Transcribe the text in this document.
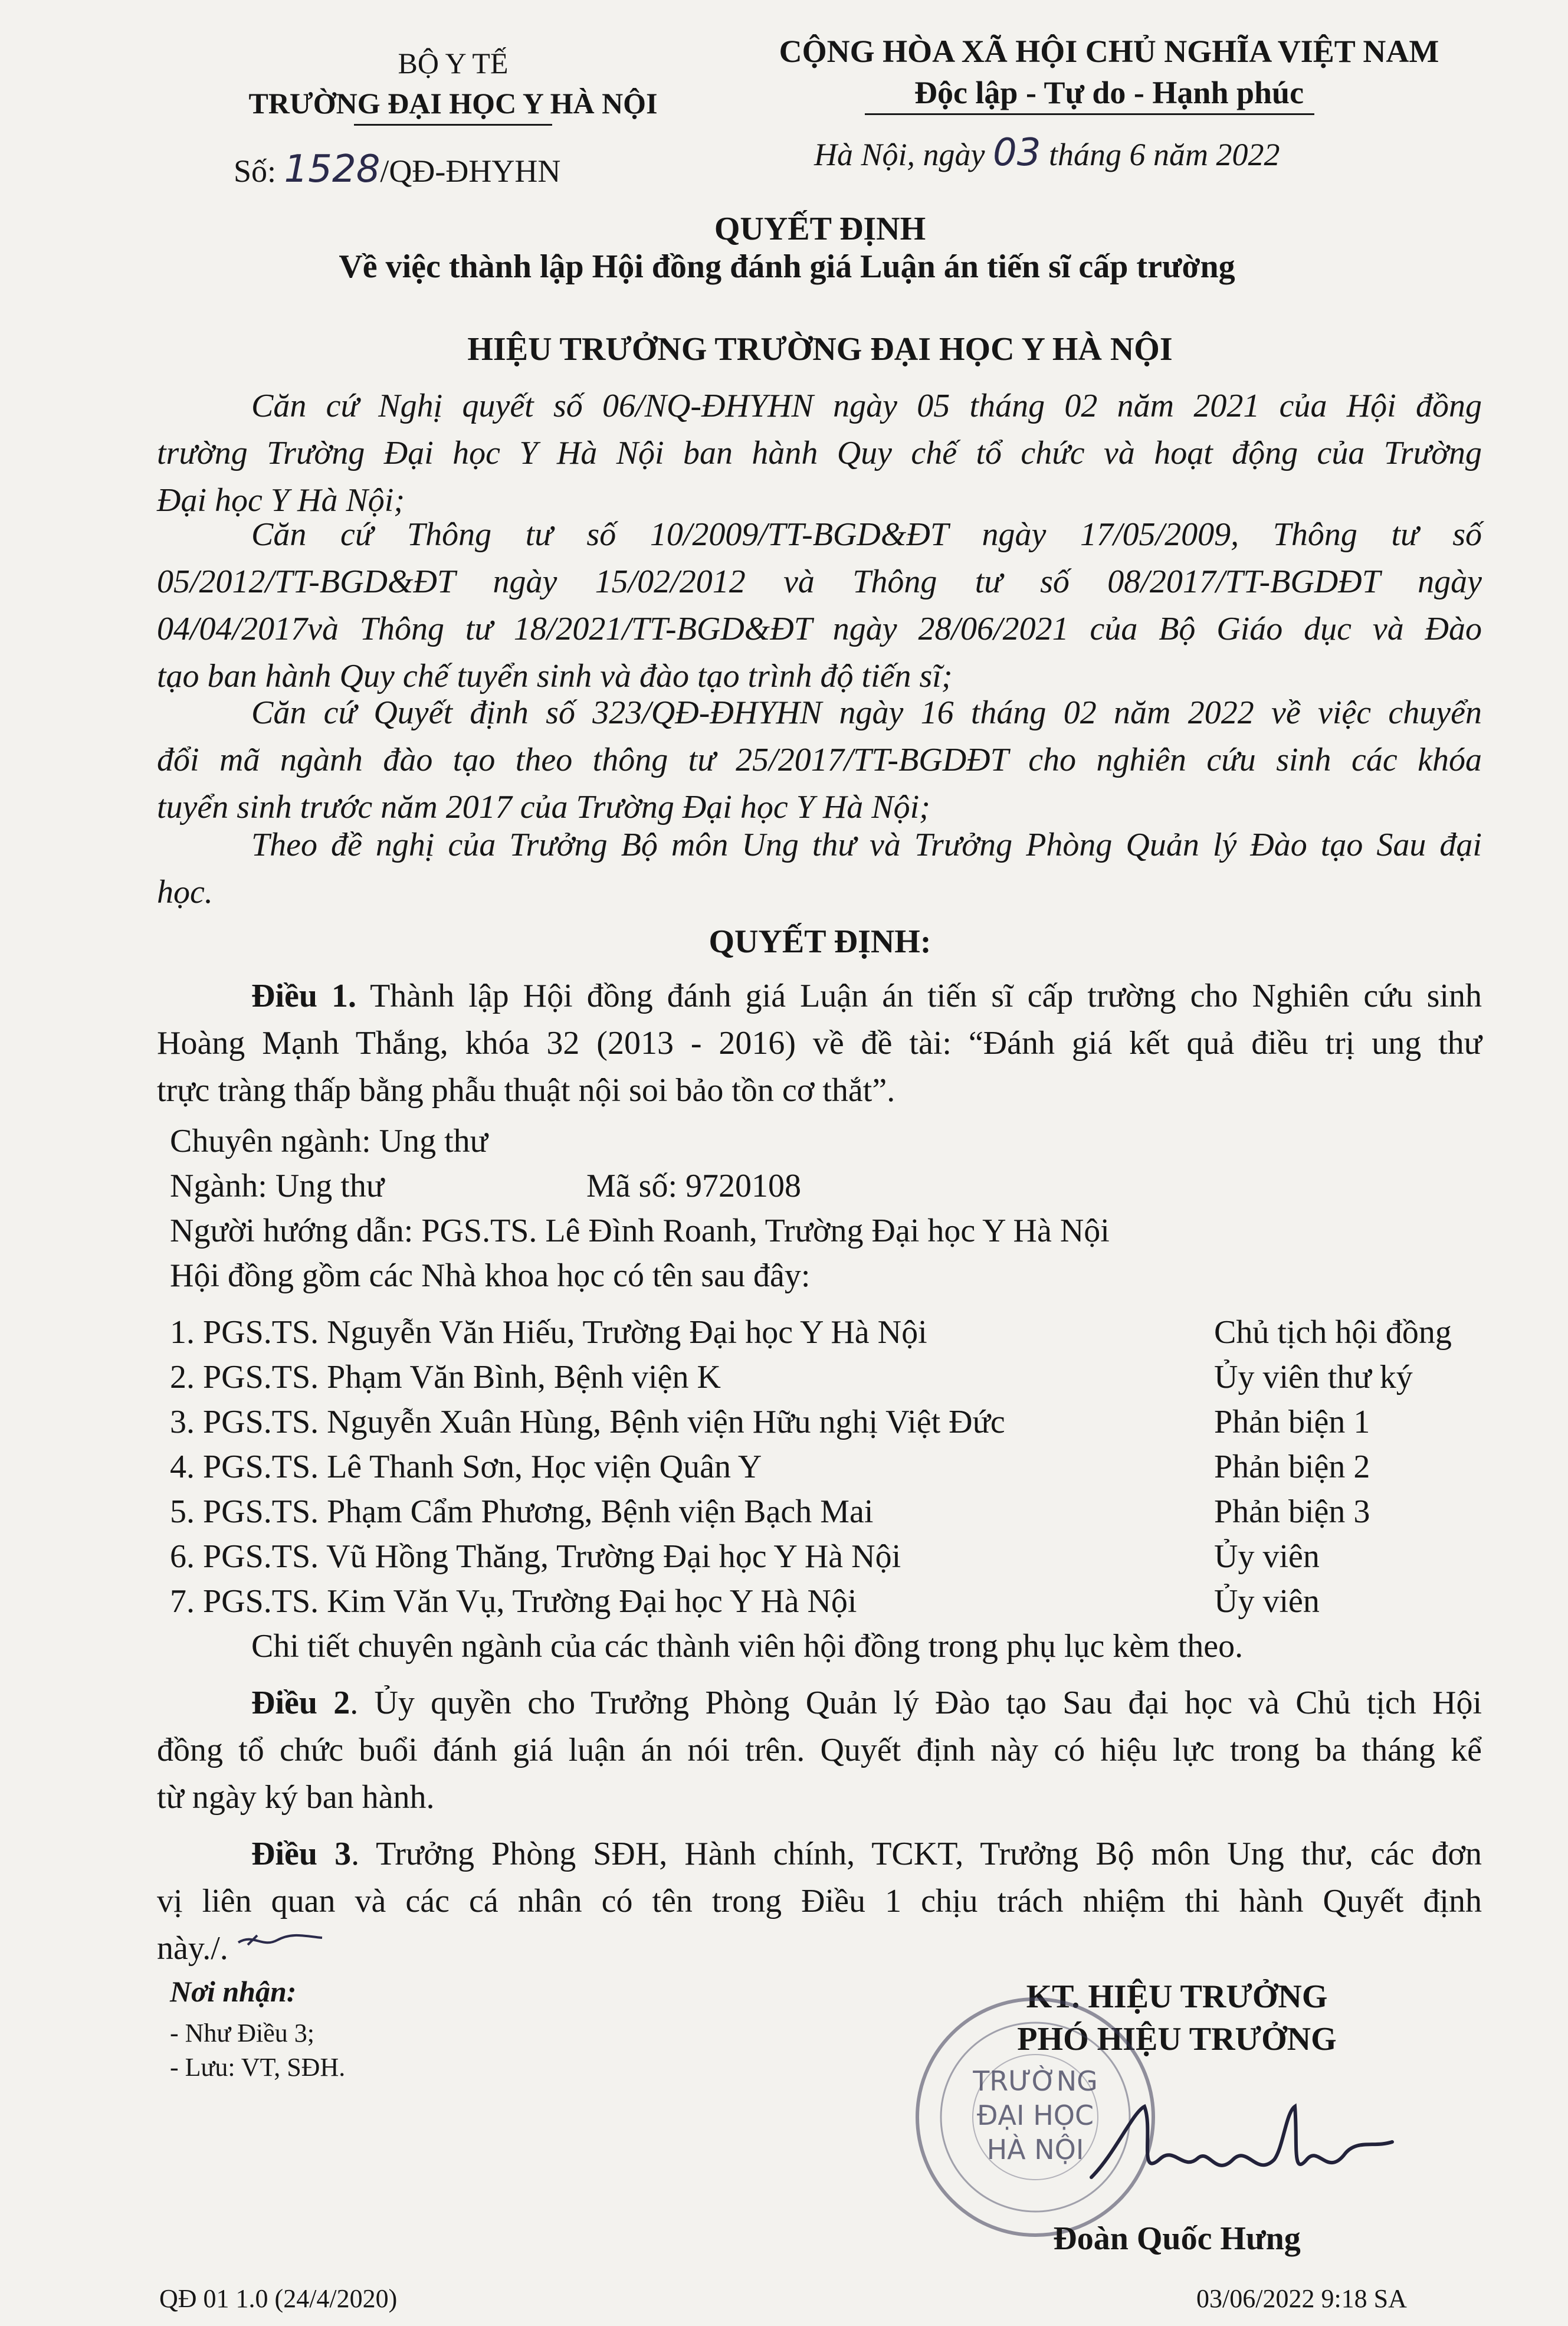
BỘ Y TẾ
TRƯỜNG ĐẠI HỌC Y HÀ NỘI
Số: 1528/QĐ-ĐHYHN
CỘNG HÒA XÃ HỘI CHỦ NGHĨA VIỆT NAM
Độc lập - Tự do - Hạnh phúc
Hà Nội, ngày 03 tháng 6 năm 2022
QUYẾT ĐỊNH
Về việc thành lập Hội đồng đánh giá Luận án tiến sĩ cấp trường
HIỆU TRƯỞNG TRƯỜNG ĐẠI HỌC Y HÀ NỘI
Căn cứ Nghị quyết số 06/NQ-ĐHYHN ngày 05 tháng 02 năm 2021 của Hội đồng
trường Trường Đại học Y Hà Nội ban hành Quy chế tổ chức và hoạt động của Trường
Đại học Y Hà Nội;
Căn cứ Thông tư số 10/2009/TT-BGD&ĐT ngày 17/05/2009, Thông tư số
05/2012/TT-BGD&ĐT ngày 15/02/2012 và Thông tư số 08/2017/TT-BGDĐT ngày
04/04/2017và Thông tư 18/2021/TT-BGD&ĐT ngày 28/06/2021 của Bộ Giáo dục và Đào
tạo ban hành Quy chế tuyển sinh và đào tạo trình độ tiến sĩ;
Căn cứ Quyết định số 323/QĐ-ĐHYHN ngày 16 tháng 02 năm 2022 về việc chuyển
đổi mã ngành đào tạo theo thông tư 25/2017/TT-BGDĐT cho nghiên cứu sinh các khóa
tuyển sinh trước năm 2017 của Trường Đại học Y Hà Nội;
Theo đề nghị của Trưởng Bộ môn Ung thư và Trưởng Phòng Quản lý Đào tạo Sau đại
học.
QUYẾT ĐỊNH:
Điều 1. Thành lập Hội đồng đánh giá Luận án tiến sĩ cấp trường cho Nghiên cứu sinh
Hoàng Mạnh Thắng, khóa 32 (2013 - 2016) về đề tài: “Đánh giá kết quả điều trị ung thư
trực tràng thấp bằng phẫu thuật nội soi bảo tồn cơ thắt”.
Chuyên ngành: Ung thư
Ngành: Ung thư	Mã số: 9720108
Người hướng dẫn: PGS.TS. Lê Đình Roanh, Trường Đại học Y Hà Nội
Hội đồng gồm các Nhà khoa học có tên sau đây:
1. PGS.TS. Nguyễn Văn Hiếu, Trường Đại học Y Hà Nội	Chủ tịch hội đồng
2. PGS.TS. Phạm Văn Bình, Bệnh viện K	Ủy viên thư ký
3. PGS.TS. Nguyễn Xuân Hùng, Bệnh viện Hữu nghị Việt Đức	Phản biện 1
4. PGS.TS. Lê Thanh Sơn, Học viện Quân Y	Phản biện 2
5. PGS.TS. Phạm Cẩm Phương, Bệnh viện Bạch Mai	Phản biện 3
6. PGS.TS. Vũ Hồng Thăng, Trường Đại học Y Hà Nội	Ủy viên
7. PGS.TS. Kim Văn Vụ, Trường Đại học Y Hà Nội	Ủy viên
Chi tiết chuyên ngành của các thành viên hội đồng trong phụ lục kèm theo.
Điều 2. Ủy quyền cho Trưởng Phòng Quản lý Đào tạo Sau đại học và Chủ tịch Hội
đồng tổ chức buổi đánh giá luận án nói trên. Quyết định này có hiệu lực trong ba tháng kể
từ ngày ký ban hành.
Điều 3. Trưởng Phòng SĐH, Hành chính, TCKT, Trưởng Bộ môn Ung thư, các đơn
vị liên quan và các cá nhân có tên trong Điều 1 chịu trách nhiệm thi hành Quyết định
này./.
Nơi nhận:
- Như Điều 3;
- Lưu: VT, SĐH.
KT. HIỆU TRƯỞNG
PHÓ HIỆU TRƯỞNG
TRƯỜNG
ĐẠI HỌC
HÀ NỘI
Đoàn Quốc Hưng
QĐ 01 1.0 (24/4/2020)	03/06/2022 9:18 SA
